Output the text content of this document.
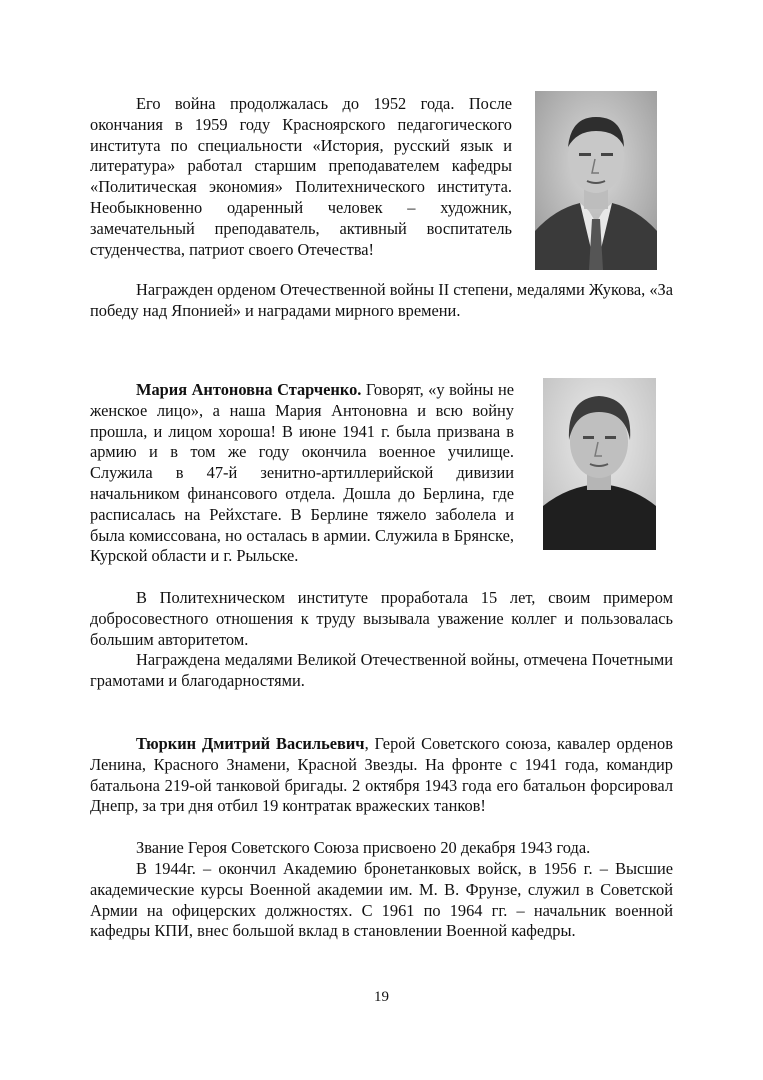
Его война продолжалась до 1952 года. После окончания в 1959 году Красноярского педагогического института по специальности «История, русский язык и литература» работал старшим преподавателем кафедры «Политическая экономия» Политехнического института. Необыкновенно одаренный человек – художник, замечательный преподаватель, активный воспитатель студенчества, патриот своего Отечества!

Награжден орденом Отечественной войны II степени, медалями Жукова, «За победу над Японией» и наградами мирного времени.

Мария Антоновна Старченко. Говорят, «у войны не женское лицо», а наша Мария Антоновна и всю войну прошла, и лицом хороша! В июне 1941 г. была призвана в армию и в том же году окончила военное училище. Служила в 47-й зенитно-артиллерийской дивизии начальником финансового отдела. Дошла до Берлина, где расписалась на Рейхстаге. В Берлине тяжело заболела и была комиссована, но осталась в армии. Служила в Брянске, Курской области и г. Рыльске.

В Политехническом институте проработала 15 лет, своим примером добросовестного отношения к труду вызывала уважение коллег и пользовалась большим авторитетом.

Награждена медалями Великой Отечественной войны, отмечена Почетными грамотами и благодарностями.

Тюркин Дмитрий Васильевич, Герой Советского союза, кавалер орденов Ленина, Красного Знамени, Красной Звезды. На фронте с 1941 года, командир батальона 219-ой танковой бригады. 2 октября 1943 года его батальон форсировал Днепр, за три дня отбил 19 контратак вражеских танков!

Звание Героя Советского Союза присвоено 20 декабря 1943 года.

В 1944г. – окончил Академию бронетанковых войск, в 1956 г. – Высшие академические курсы Военной академии им. М. В. Фрунзе, служил в Советской Армии на офицерских должностях. С 1961 по 1964 гг. – начальник военной кафедры КПИ, внес большой вклад в становлении Военной кафедры.

19
